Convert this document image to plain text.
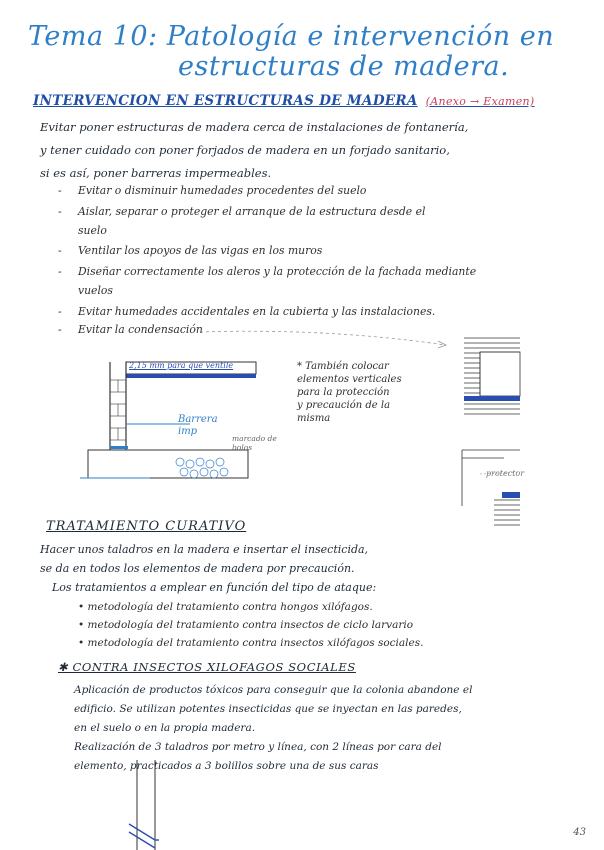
Tema 10: Patología e intervención en
estructuras de madera.
INTERVENCION EN ESTRUCTURAS DE MADERA (Anexo → Examen)
Evitar poner estructuras de madera cerca de instalaciones de fontanería,
y tener cuidado con poner forjados de madera en un forjado sanitario,
si es así, poner barreras impermeables.
-	Evitar o disminuir humedades procedentes del suelo
-	Aislar, separar o proteger el arranque de la estructura desde el
suelo
-	Ventilar los apoyos de las vigas en los muros
-	Diseñar correctamente los aleros y la protección de la fachada mediante
vuelos
-	Evitar humedades accidentales en la cubierta y las instalaciones.
-	Evitar la condensación
2,15 mm para que ventile
Barrera
imp
marcado de
bolos
* También colocar
elementos verticales
para la protección
y precaución de la
misma
protector
TRATAMIENTO CURATIVO
Hacer unos taladros en la madera e insertar el insecticida,
se da en todos los elementos de madera por precaución.
Los tratamientos a emplear en función del tipo de ataque:
• metodología del tratamiento contra hongos xilófagos.
• metodología del tratamiento contra insectos de ciclo larvario
• metodología del tratamiento contra insectos xilófagos sociales.
✱ CONTRA INSECTOS XILOFAGOS SOCIALES
Aplicación de productos tóxicos para conseguir que la colonia abandone el
edificio. Se utilizan potentes insecticidas que se inyectan en las paredes,
en el suelo o en la propia madera.
Realización de 3 taladros por metro y línea, con 2 líneas por cara del
elemento, practicados a 3 bolillos sobre una de sus caras
43
